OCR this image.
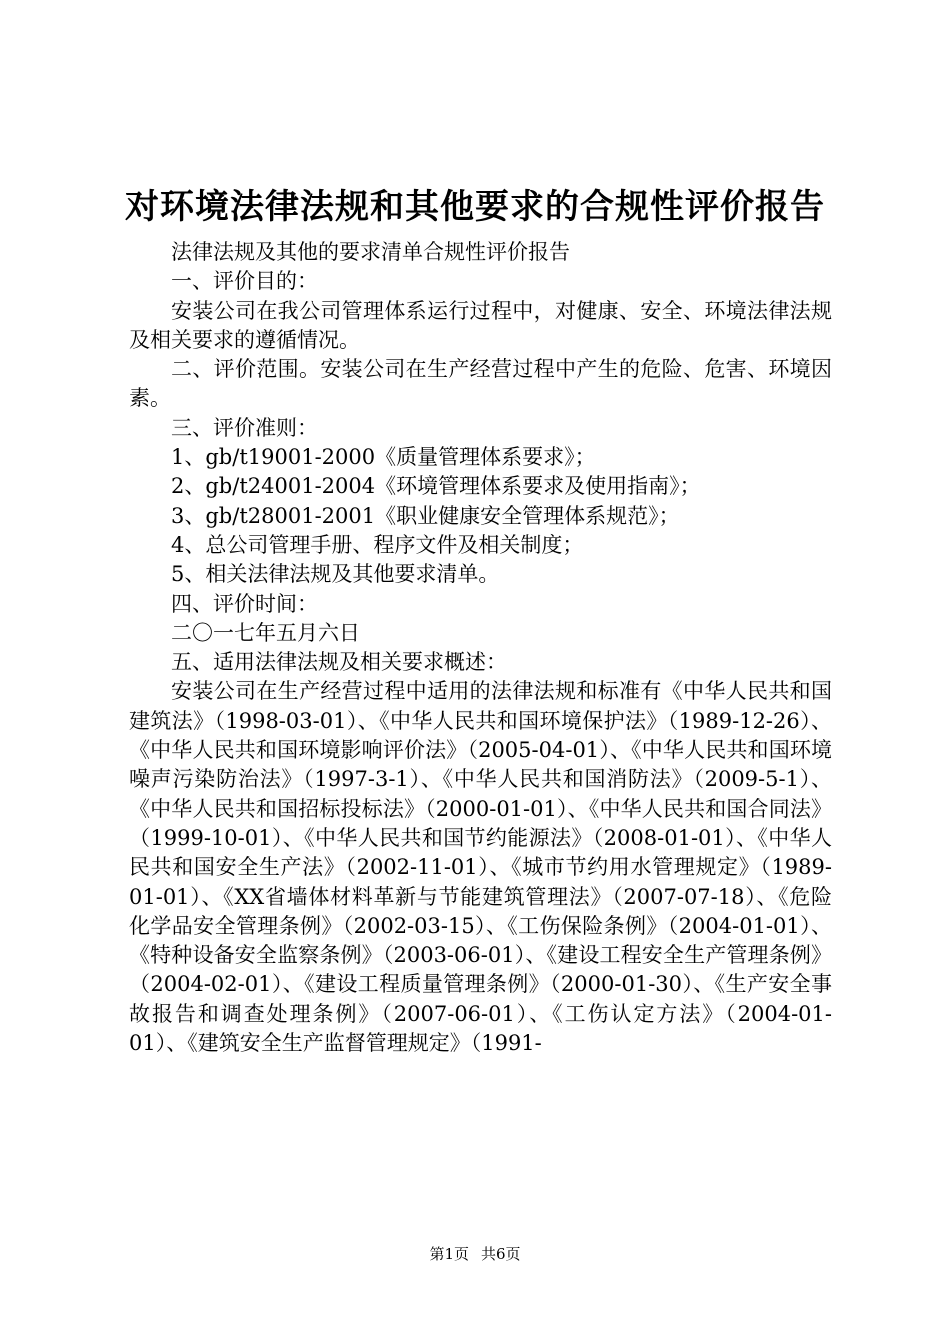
对环境法律法规和其他要求的合规性评价报告

法律法规及其他的要求清单合规性评价报告

一、评价目的：

安装公司在我公司管理体系运行过程中，对健康、安全、环境法律法规及相关要求的遵循情况。

二、评价范围。安装公司在生产经营过程中产生的危险、危害、环境因素。

三、评价准则：

1、gb/t19001-2000《质量管理体系要求》；

2、gb/t24001-2004《环境管理体系要求及使用指南》；

3、gb/t28001-2001《职业健康安全管理体系规范》；

4、总公司管理手册、程序文件及相关制度；

5、相关法律法规及其他要求清单。

四、评价时间：

二〇一七年五月六日

五、适用法律法规及相关要求概述：

安装公司在生产经营过程中适用的法律法规和标准有《中华人民共和国建筑法》（1998-03-01）、《中华人民共和国环境保护法》（1989-12-26）、《中华人民共和国环境影响评价法》（2005-04-01）、《中华人民共和国环境噪声污染防治法》（1997-3-1）、《中华人民共和国消防法》（2009-5-1）、《中华人民共和国招标投标法》（2000-01-01）、《中华人民共和国合同法》（1999-10-01）、《中华人民共和国节约能源法》（2008-01-01）、《中华人民共和国安全生产法》（2002-11-01）、《城市节约用水管理规定》（1989-01-01）、《XX省墙体材料革新与节能建筑管理法》（2007-07-18）、《危险化学品安全管理条例》（2002-03-15）、《工伤保险条例》（2004-01-01）、《特种设备安全监察条例》（2003-06-01）、《建设工程安全生产管理条例》（2004-02-01）、《建设工程质量管理条例》（2000-01-30）、《生产安全事故报告和调查处理条例》（2007-06-01）、《工伤认定方法》（2004-01-01）、《建筑安全生产监督管理规定》（1991-

第1页 共6页
